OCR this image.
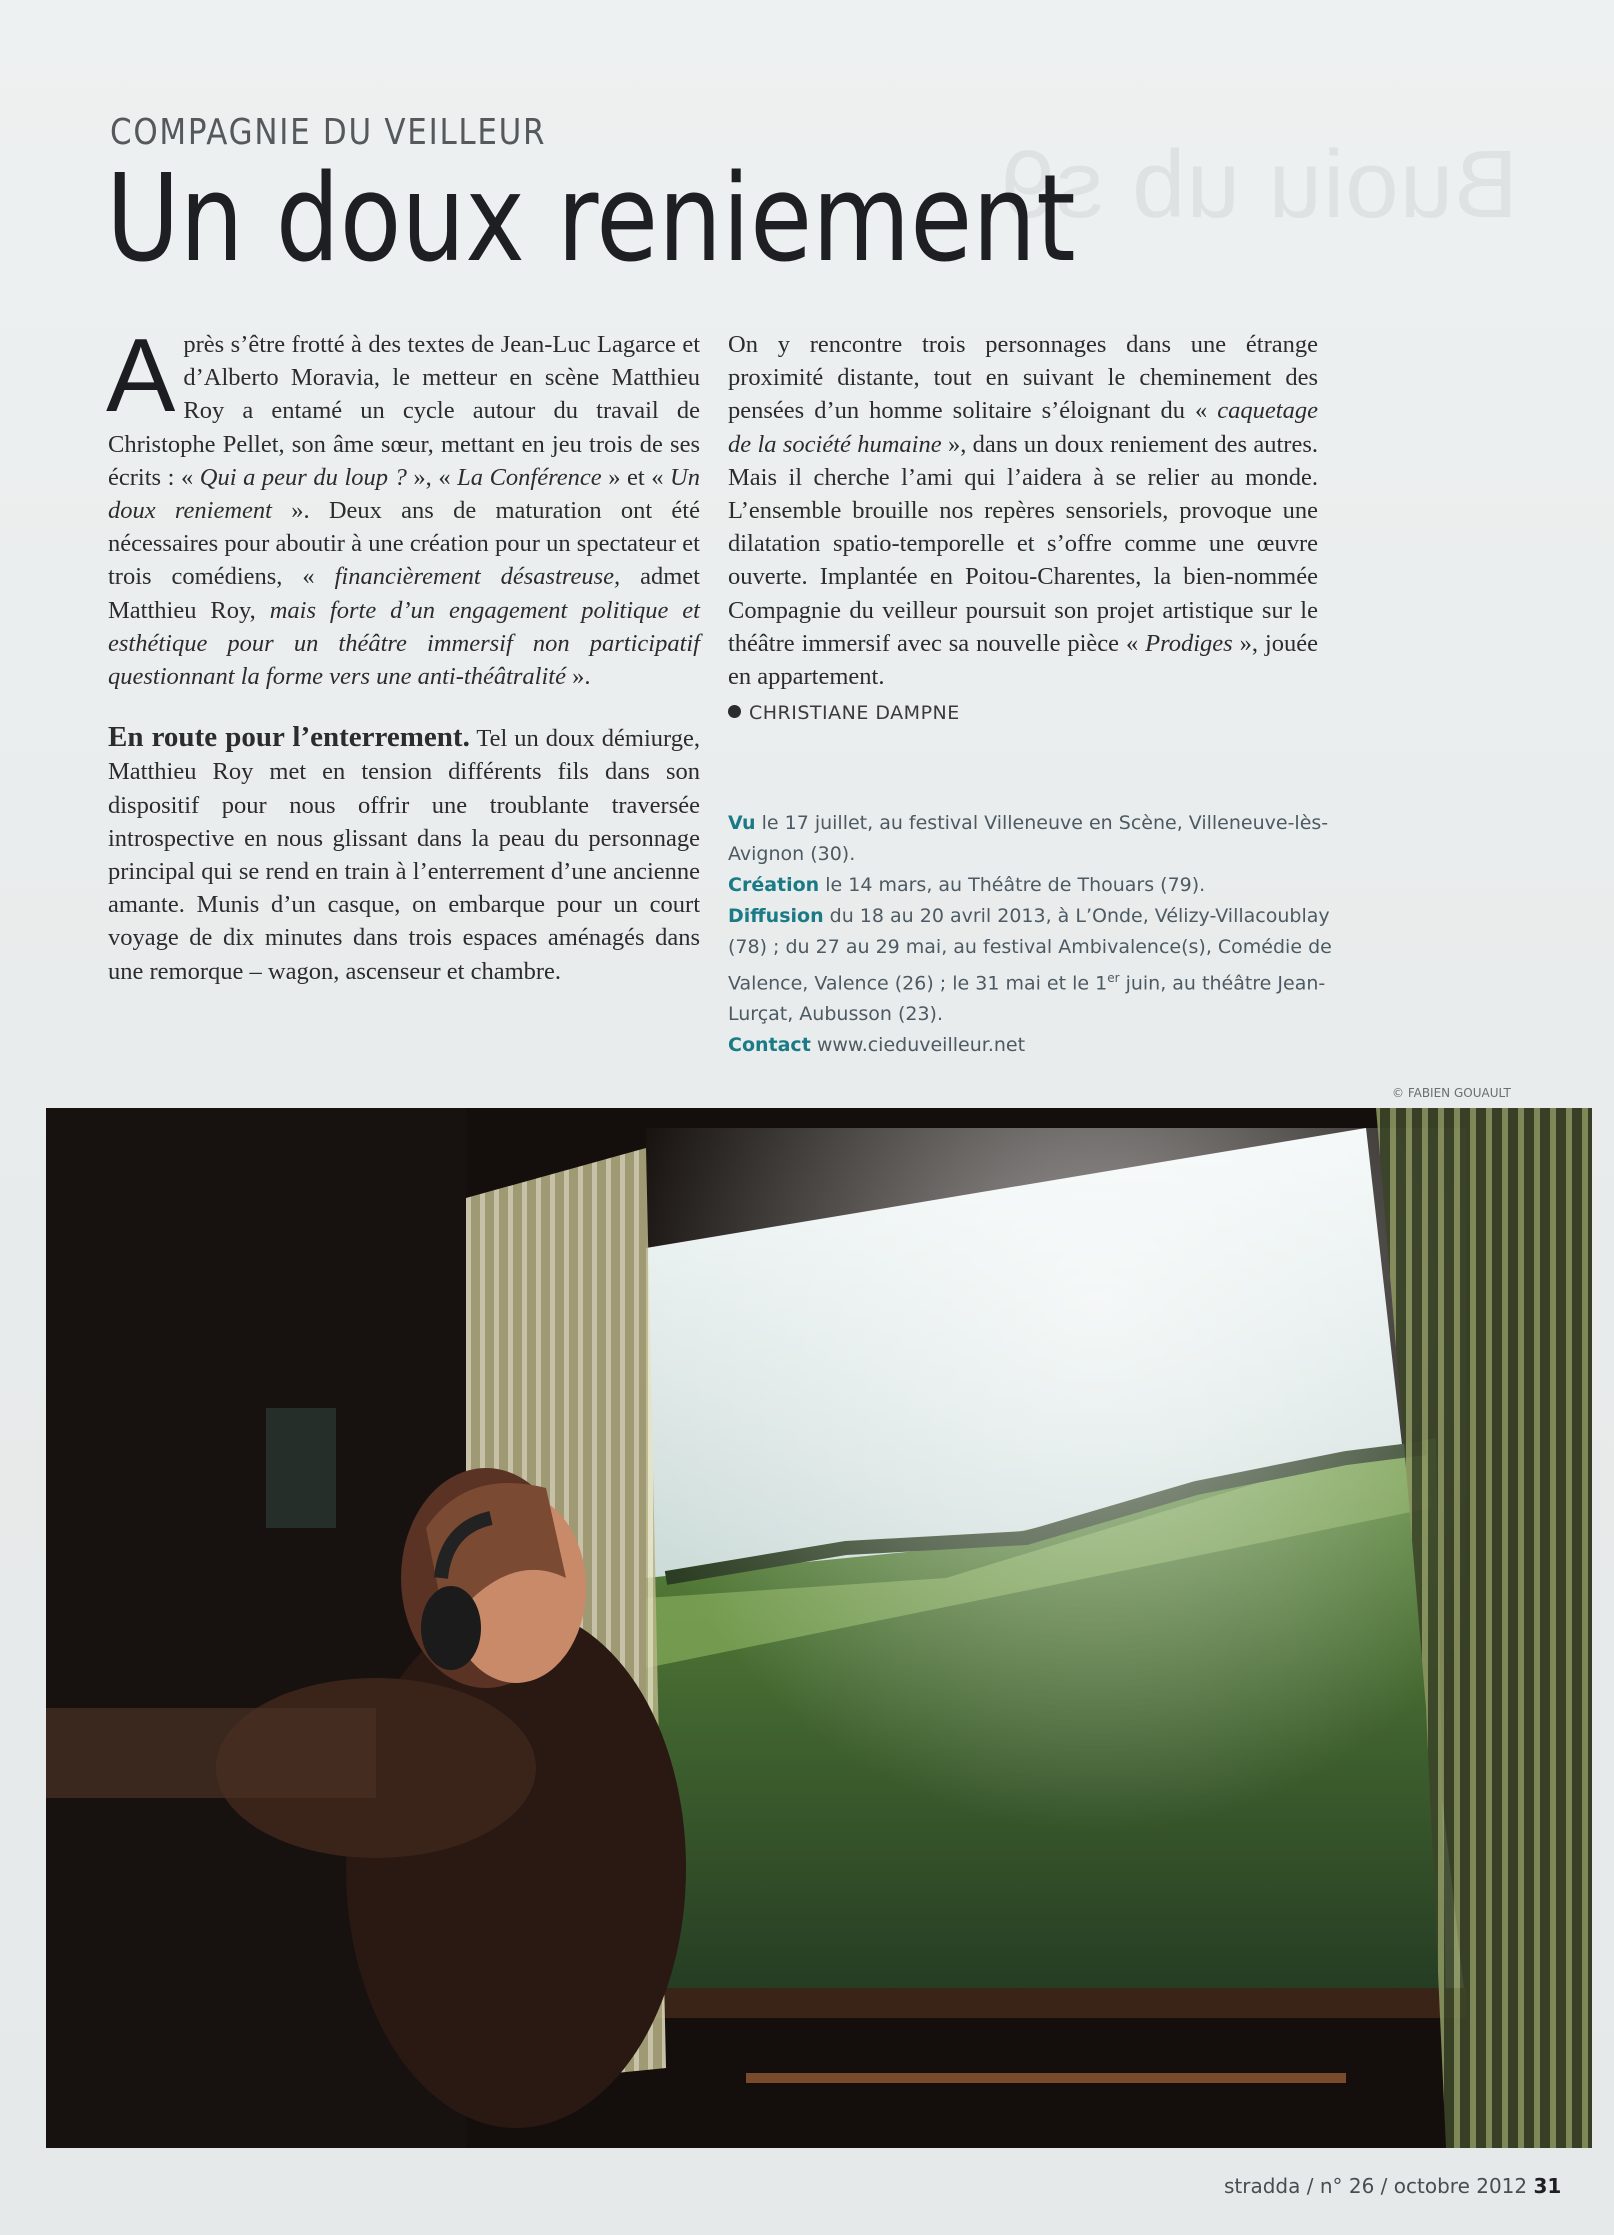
Buoiu ub s9
COMPAGNIE DU VEILLEUR
Un doux reniement

Après s’être frotté à des textes de Jean-Luc Lagarce et d’Alberto Moravia, le metteur en scène Matthieu Roy a entamé un cycle autour du travail de Christophe Pellet, son âme sœur, mettant en jeu trois de ses écrits : « Qui a peur du loup ? », « La Conférence » et « Un doux reniement ». Deux ans de maturation ont été nécessaires pour aboutir à une création pour un spectateur et trois comédiens, « financièrement désastreuse, admet Matthieu Roy, mais forte d’un engagement politique et esthétique pour un théâtre immersif non participatif questionnant la forme vers une anti-théâtralité ».

En route pour l’enterrement. Tel un doux démiurge, Matthieu Roy met en tension différents fils dans son dispositif pour nous offrir une troublante traversée introspective en nous glissant dans la peau du personnage principal qui se rend en train à l’enterrement d’une ancienne amante. Munis d’un casque, on embarque pour un court voyage de dix minutes dans trois espaces aménagés dans une remorque – wagon, ascenseur et chambre.

On y rencontre trois personnages dans une étrange proximité distante, tout en suivant le cheminement des pensées d’un homme solitaire s’éloignant du « caquetage de la société humaine », dans un doux reniement des autres. Mais il cherche l’ami qui l’aidera à se relier au monde. L’ensemble brouille nos repères sensoriels, provoque une dilatation spatio-temporelle et s’offre comme une œuvre ouverte. Implantée en Poitou-Charentes, la bien-nommée Compagnie du veilleur poursuit son projet artistique sur le théâtre immersif avec sa nouvelle pièce « Prodiges », jouée en appartement.

CHRISTIANE DAMPNE

Vu le 17 juillet, au festival Villeneuve en Scène, Villeneuve-lès-Avignon (30).

Création le 14 mars, au Théâtre de Thouars (79).

Diffusion du 18 au 20 avril 2013, à L’Onde, Vélizy-Villacoublay (78) ; du 27 au 29 mai, au festival Ambivalence(s), Comédie de Valence, Valence (26) ; le 31 mai et le 1er juin, au théâtre Jean-Lurçat, Aubusson (23).

Contact www.cieduveilleur.net

© FABIEN GOUAULT
stradda / n° 26 / octobre 2012 31
